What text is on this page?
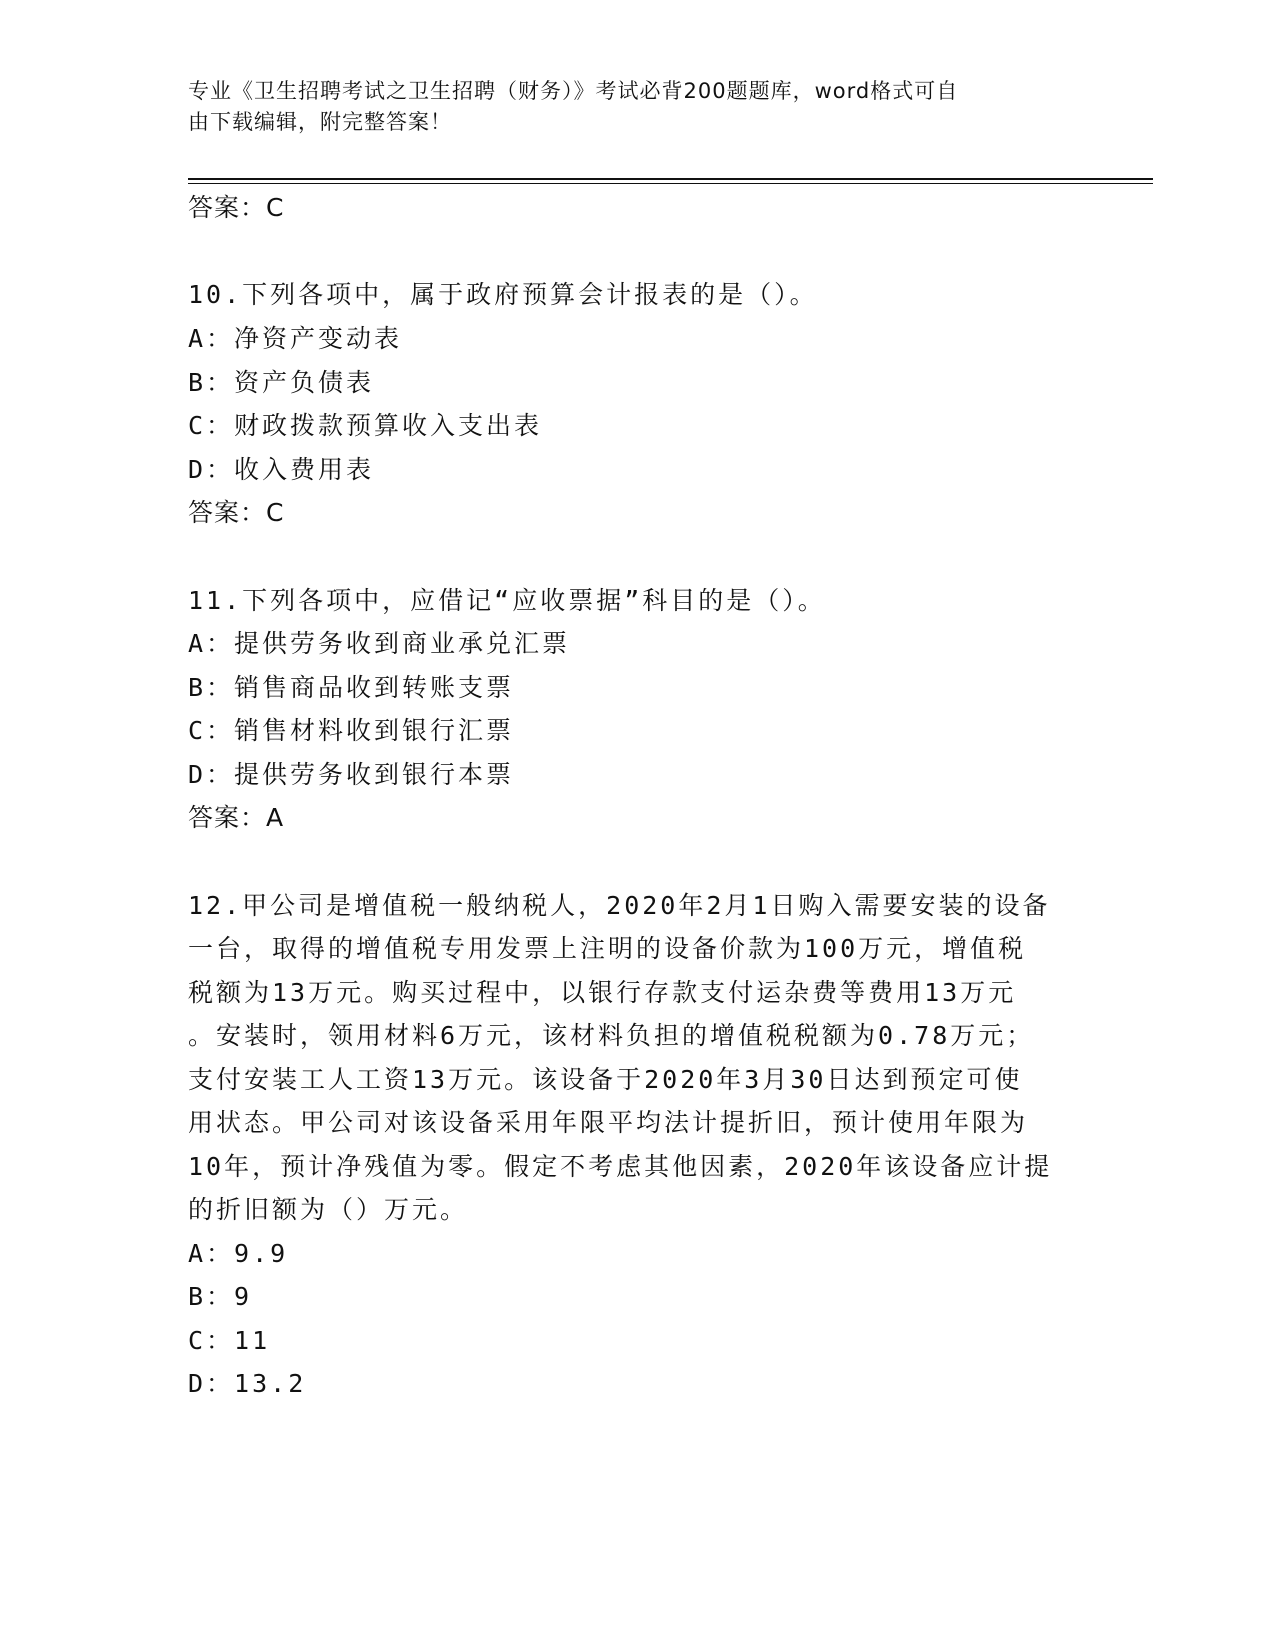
专业《卫生招聘考试之卫生招聘（财务）》考试必背200题题库，word格式可自
由下载编辑，附完整答案！
答案：C
10.下列各项中，属于政府预算会计报表的是（）。
A：净资产变动表
B：资产负债表
C：财政拨款预算收入支出表
D：收入费用表
答案：C
11.下列各项中，应借记“应收票据”科目的是（）。
A：提供劳务收到商业承兑汇票
B：销售商品收到转账支票
C：销售材料收到银行汇票
D：提供劳务收到银行本票
答案：A
12.甲公司是增值税一般纳税人，2020年2月1日购入需要安装的设备
一台，取得的增值税专用发票上注明的设备价款为100万元，增值税
税额为13万元。购买过程中，以银行存款支付运杂费等费用13万元
。安装时，领用材料6万元，该材料负担的增值税税额为0.78万元；
支付安装工人工资13万元。该设备于2020年3月30日达到预定可使
用状态。甲公司对该设备采用年限平均法计提折旧，预计使用年限为
10年，预计净残值为零。假定不考虑其他因素，2020年该设备应计提
的折旧额为（）万元。
A：9.9
B：9
C：11
D：13.2
